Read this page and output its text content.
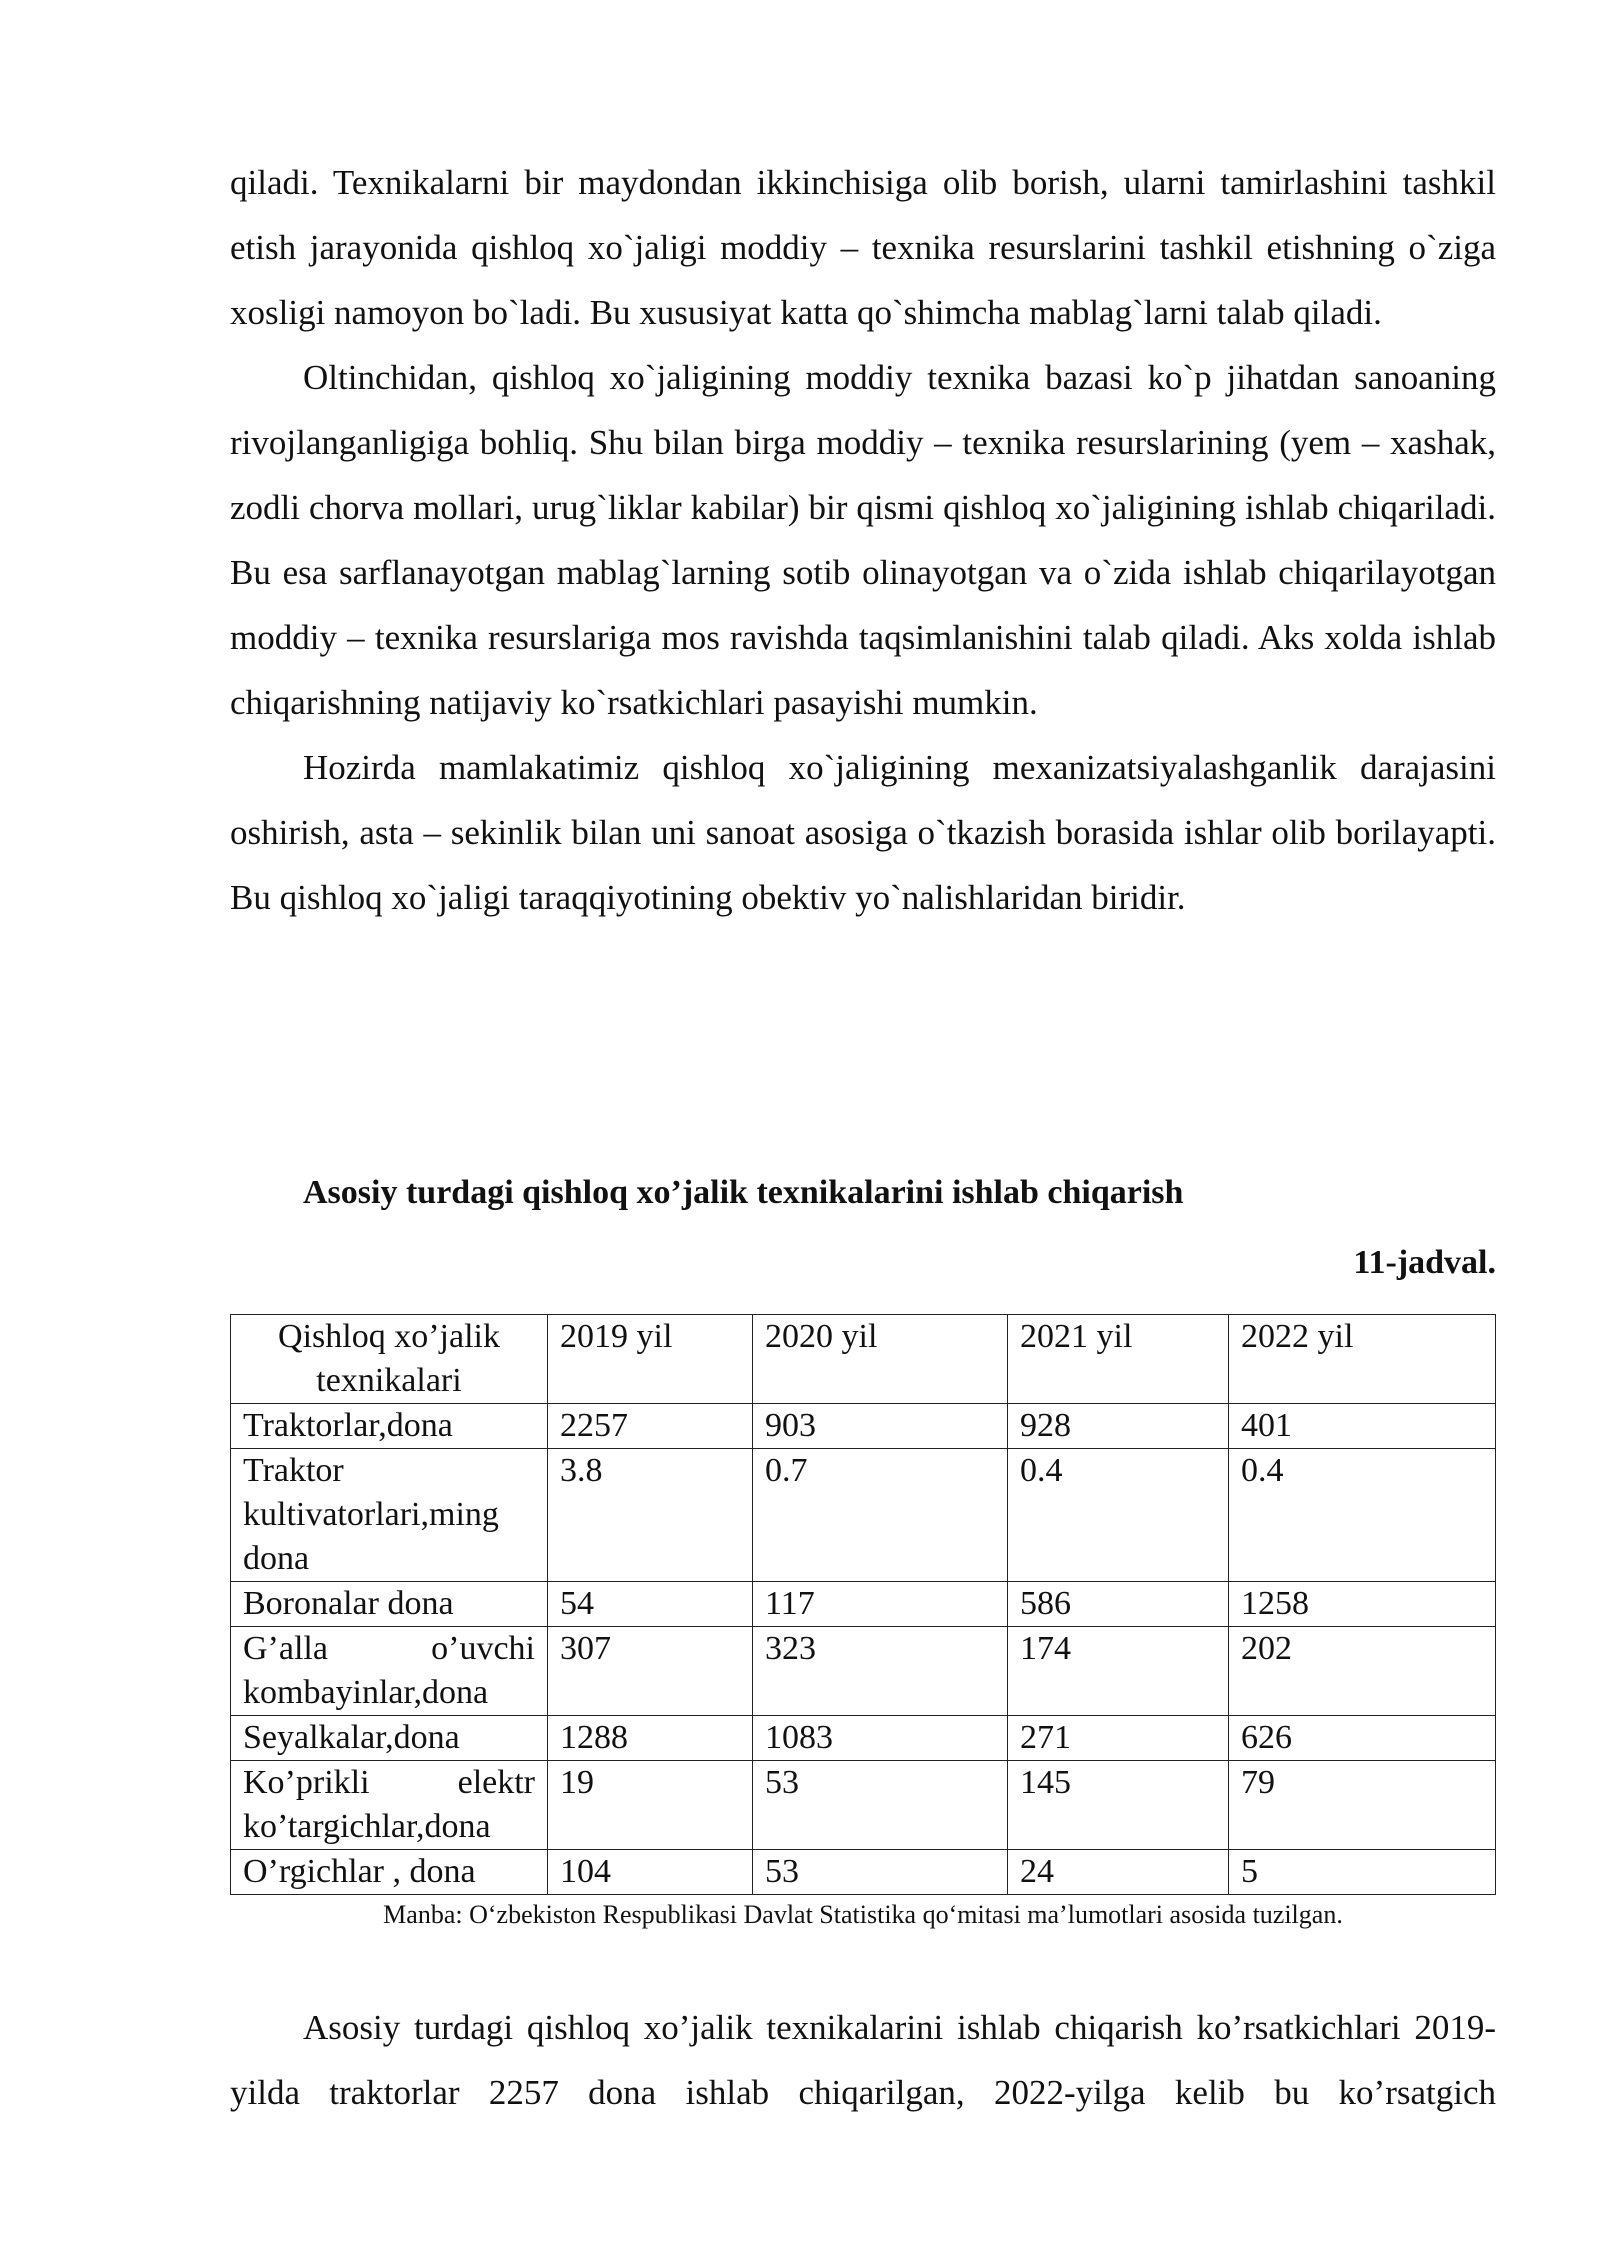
qiladi. Texnikalarni bir maydondan ikkinchisiga olib borish, ularni tamirlashini tashkil etish jarayonida qishloq xo`jaligi moddiy – texnika resurslarini tashkil etishning o`ziga xosligi namoyon bo`ladi. Bu xususiyat katta qo`shimcha mablag`larni talab qiladi.

Oltinchidan, qishloq xo`jaligining moddiy texnika bazasi ko`p jihatdan sanoaning rivojlanganligiga bohliq. Shu bilan birga moddiy – texnika resurslarining (yem – xashak, zodli chorva mollari, urug`liklar kabilar) bir qismi qishloq xo`jaligining ishlab chiqariladi. Bu esa sarflanayotgan mablag`larning sotib olinayotgan va o`zida ishlab chiqarilayotgan moddiy – texnika resurslariga mos ravishda taqsimlanishini talab qiladi. Aks xolda ishlab chiqarishning natijaviy ko`rsatkichlari pasayishi mumkin.

Hozirda mamlakatimiz qishloq xo`jaligining mexanizatsiyalashganlik darajasini oshirish, asta – sekinlik bilan uni sanoat asosiga o`tkazish borasida ishlar olib borilayapti. Bu qishloq xo`jaligi taraqqiyotining obektiv yo`nalishlaridan biridir.

Asosiy turdagi qishloq xo’jalik texnikalarini ishlab chiqarish

11-jadval.

Qishloq xo’jalik texnikalari	2019 yil	2020 yil	2021 yil	2022 yil
Traktorlar,dona	2257	903	928	401
Traktor kultivatorlari,ming dona	3.8	0.7	0.4	0.4
Boronalar dona	54	117	586	1258
G’alla o’uvchi kombayinlar,dona	307	323	174	202
Seyalkalar,dona	1288	1083	271	626
Ko’prikli elektr ko’targichlar,dona	19	53	145	79
O’rgichlar , dona	104	53	24	5
Manba: O‘zbekiston Respublikasi Davlat Statistika qo‘mitasi ma’lumotlari asosida tuzilgan.

Asosiy turdagi qishloq xo’jalik texnikalarini ishlab chiqarish ko’rsatkichlari 2019-yilda traktorlar 2257 dona ishlab chiqarilgan, 2022-yilga kelib bu ko’rsatgich
